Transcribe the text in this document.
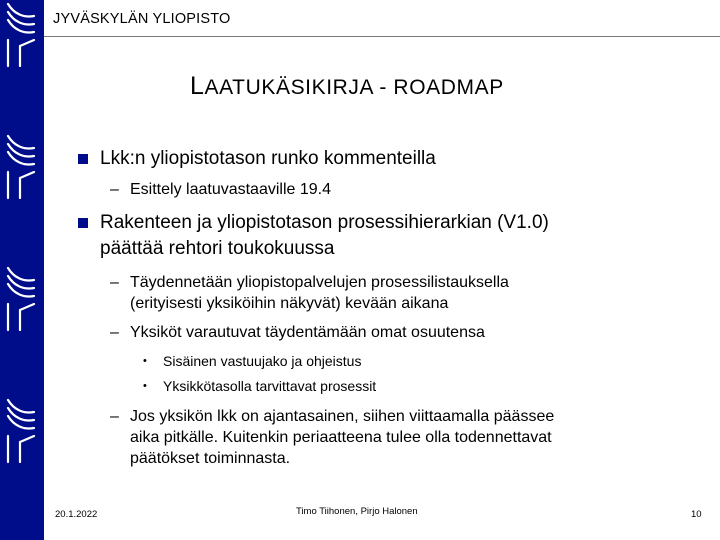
JYVÄSKYLÄN YLIOPISTO
LAATUKÄSIKIRJA - ROADMAP
Lkk:n yliopistotason runko kommenteilla
– Esittely laatuvastaaville 19.4
Rakenteen ja yliopistotason prosessihierarkian (V1.0)
päättää rehtori toukokuussa
– Täydennetään yliopistopalvelujen prosessilistauksella
(erityisesti yksiköihin näkyvät) kevään aikana
– Yksiköt varautuvat täydentämään omat osuutensa
• Sisäinen vastuujako ja ohjeistus
• Yksikkötasolla tarvittavat prosessit
– Jos yksikön lkk on ajantasainen, siihen viittaamalla päässee
aika pitkälle. Kuitenkin periaatteena tulee olla todennettavat
päätökset toiminnasta.
20.1.2022	Timo Tiihonen, Pirjo Halonen	10
